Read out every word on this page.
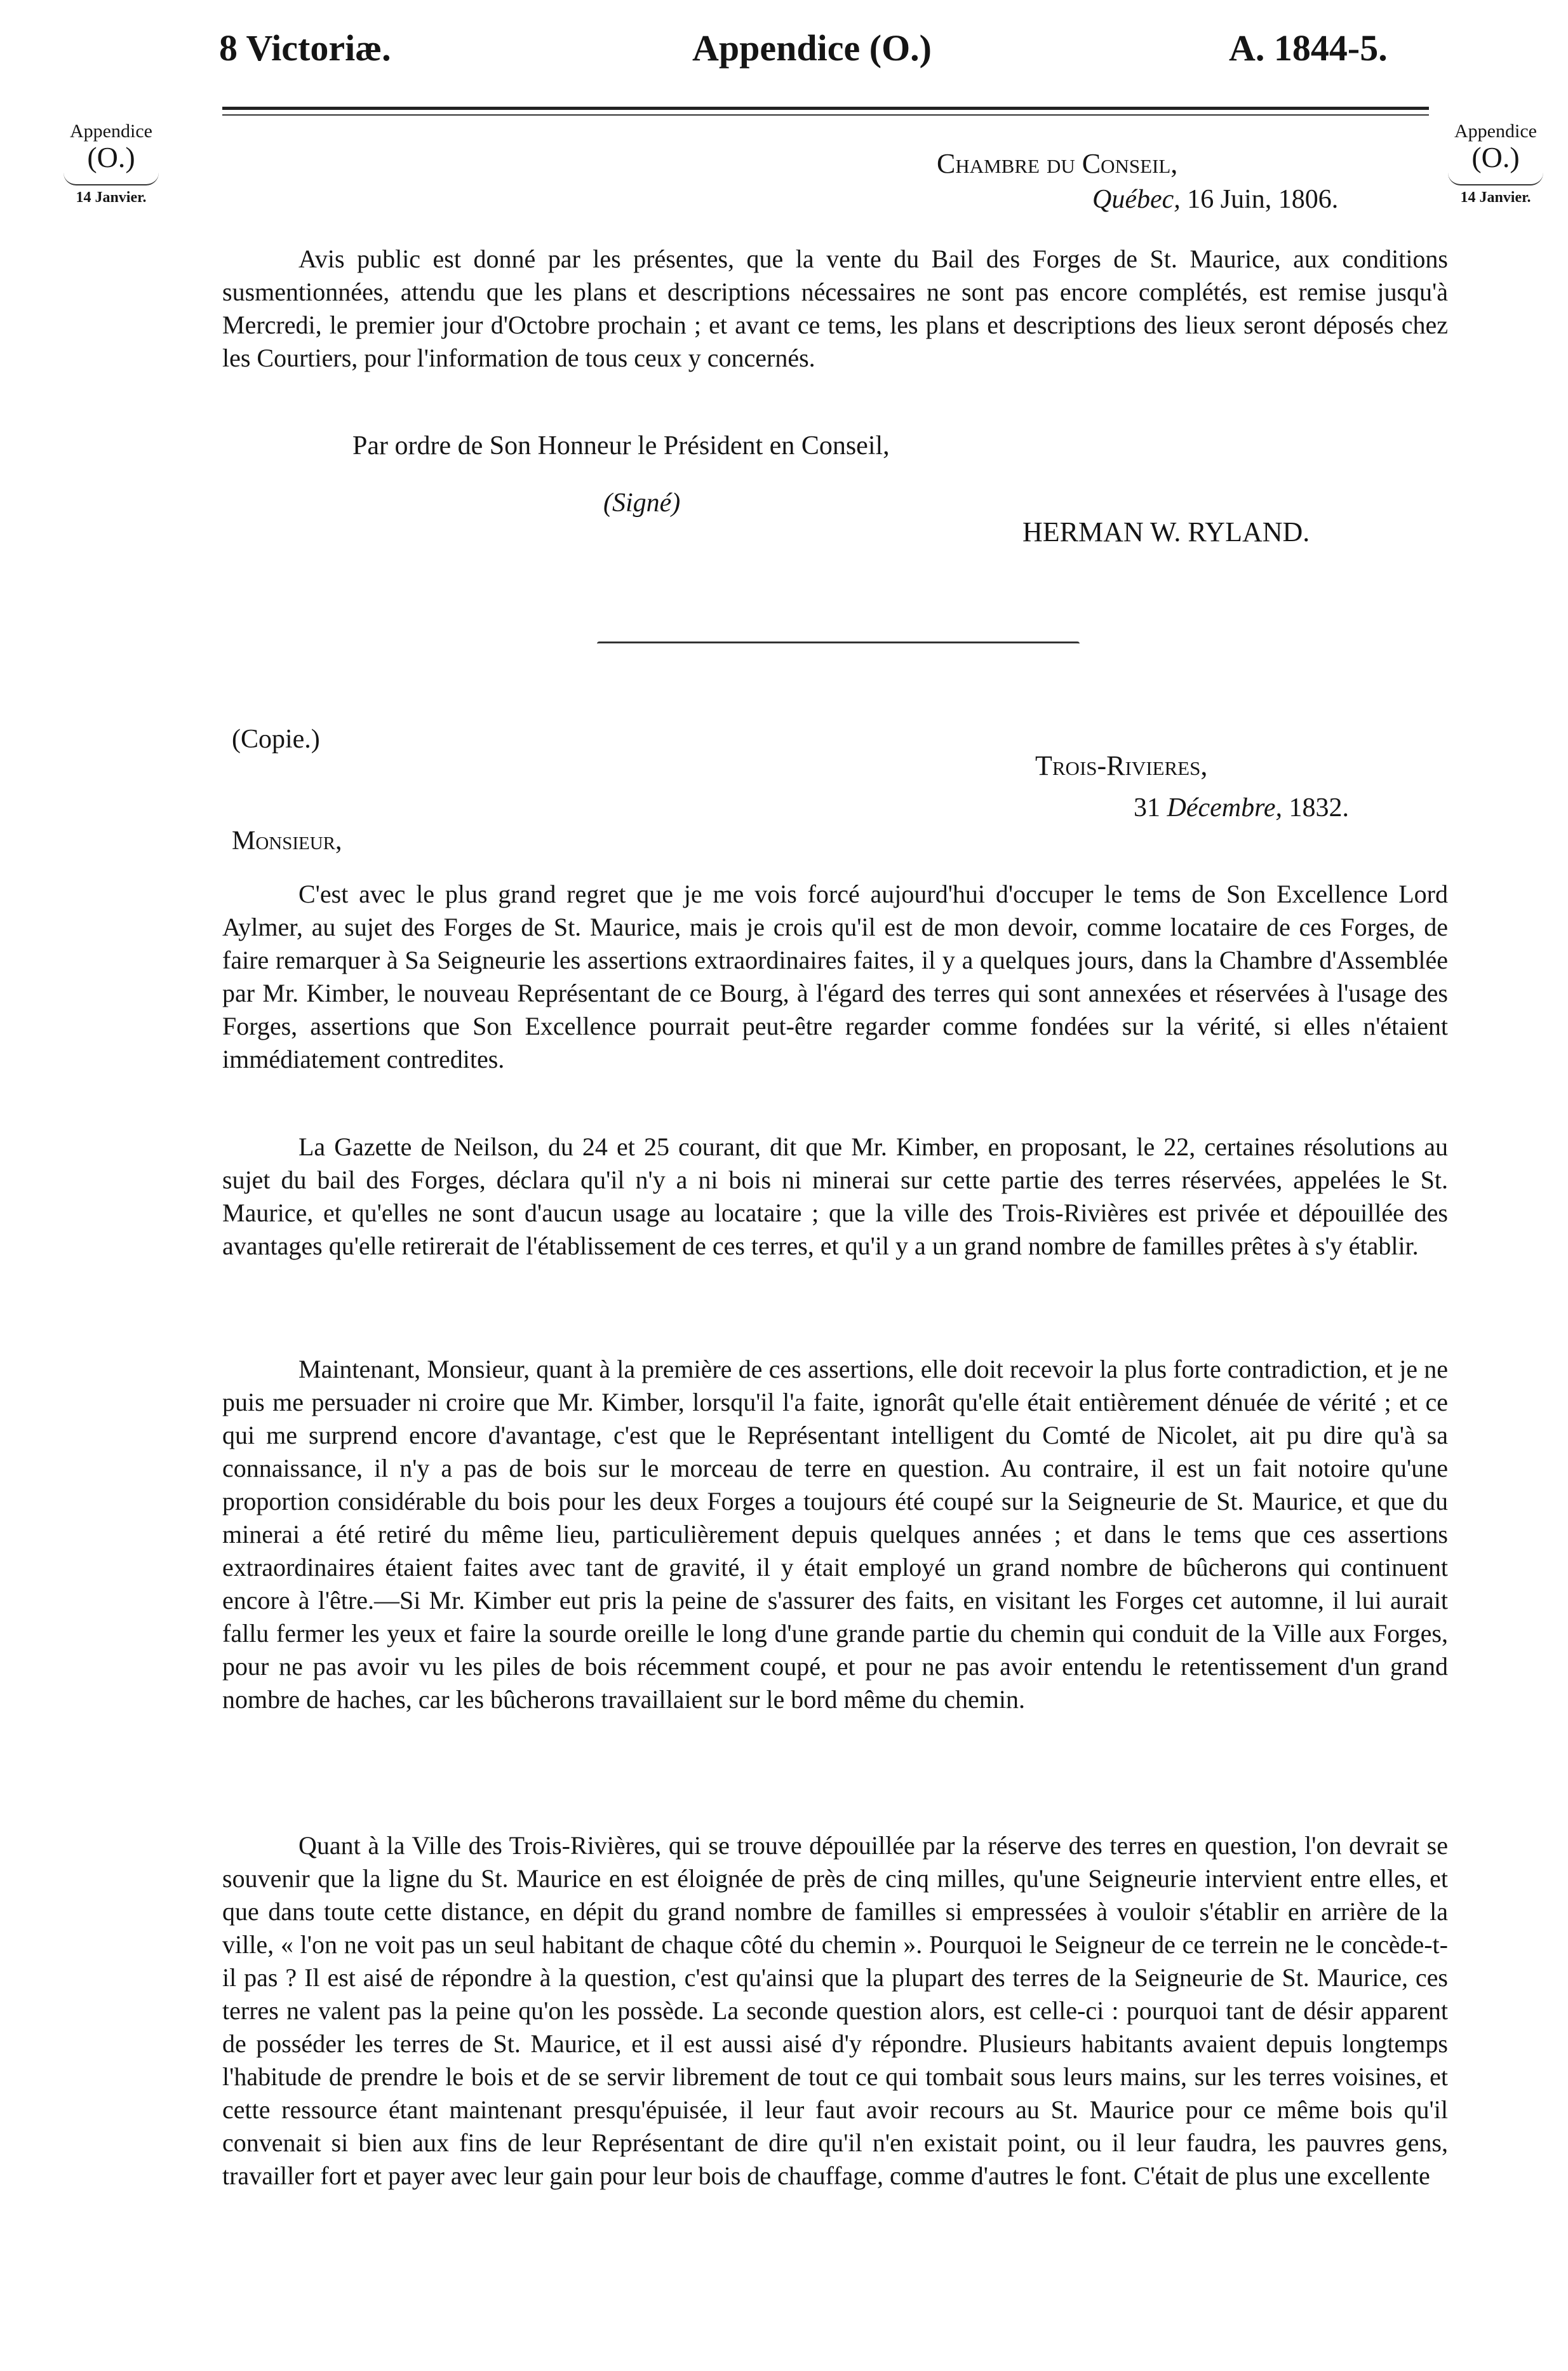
8 Victoriæ.	Appendice (O.)	A. 1844-5.
Appendice
(O.)
14 Janvier.
Appendice
(O.)
14 Janvier.
Chambre du Conseil,
Québec, 16 Juin, 1806.

Avis public est donné par les présentes, que la vente du Bail des Forges de St. Maurice, aux conditions susmentionnées, attendu que les plans et descriptions nécessaires ne sont pas encore complétés, est remise jusqu'à Mercredi, le premier jour d'Octobre prochain ; et avant ce tems, les plans et descriptions des lieux seront déposés chez les Courtiers, pour l'information de tous ceux y concernés.

Par ordre de Son Honneur le Président en Conseil,
(Signé)
HERMAN W. RYLAND.
(Copie.)
Trois-Rivieres,
31 Décembre, 1832.
Monsieur,

C'est avec le plus grand regret que je me vois forcé aujourd'hui d'occuper le tems de Son Excellence Lord Aylmer, au sujet des Forges de St. Maurice, mais je crois qu'il est de mon devoir, comme locataire de ces Forges, de faire remarquer à Sa Seigneurie les assertions extraordinaires faites, il y a quelques jours, dans la Chambre d'Assemblée par Mr. Kimber, le nouveau Représentant de ce Bourg, à l'égard des terres qui sont annexées et réservées à l'usage des Forges, assertions que Son Excellence pourrait peut-être regarder comme fondées sur la vérité, si elles n'étaient immédiatement contredites.

La Gazette de Neilson, du 24 et 25 courant, dit que Mr. Kimber, en proposant, le 22, certaines résolutions au sujet du bail des Forges, déclara qu'il n'y a ni bois ni minerai sur cette partie des terres réservées, appelées le St. Maurice, et qu'elles ne sont d'aucun usage au locataire ; que la ville des Trois-Rivières est privée et dépouillée des avantages qu'elle retirerait de l'établissement de ces terres, et qu'il y a un grand nombre de familles prêtes à s'y établir.

Maintenant, Monsieur, quant à la première de ces assertions, elle doit recevoir la plus forte contradiction, et je ne puis me persuader ni croire que Mr. Kimber, lorsqu'il l'a faite, ignorât qu'elle était entièrement dénuée de vérité ; et ce qui me surprend encore d'avantage, c'est que le Représentant intelligent du Comté de Nicolet, ait pu dire qu'à sa connaissance, il n'y a pas de bois sur le morceau de terre en question. Au contraire, il est un fait notoire qu'une proportion considérable du bois pour les deux Forges a toujours été coupé sur la Seigneurie de St. Maurice, et que du minerai a été retiré du même lieu, particulièrement depuis quelques années ; et dans le tems que ces assertions extraordinaires étaient faites avec tant de gravité, il y était employé un grand nombre de bûcherons qui continuent encore à l'être.—Si Mr. Kimber eut pris la peine de s'assurer des faits, en visitant les Forges cet automne, il lui aurait fallu fermer les yeux et faire la sourde oreille le long d'une grande partie du chemin qui conduit de la Ville aux Forges, pour ne pas avoir vu les piles de bois récemment coupé, et pour ne pas avoir entendu le retentissement d'un grand nombre de haches, car les bûcherons travaillaient sur le bord même du chemin.

Quant à la Ville des Trois-Rivières, qui se trouve dépouillée par la réserve des terres en question, l'on devrait se souvenir que la ligne du St. Maurice en est éloignée de près de cinq milles, qu'une Seigneurie intervient entre elles, et que dans toute cette distance, en dépit du grand nombre de familles si empressées à vouloir s'établir en arrière de la ville, « l'on ne voit pas un seul habitant de chaque côté du chemin ». Pourquoi le Seigneur de ce terrein ne le concède-t-il pas ? Il est aisé de répondre à la question, c'est qu'ainsi que la plupart des terres de la Seigneurie de St. Maurice, ces terres ne valent pas la peine qu'on les possède. La seconde question alors, est celle-ci : pourquoi tant de désir apparent de posséder les terres de St. Maurice, et il est aussi aisé d'y répondre. Plusieurs habitants avaient depuis longtemps l'habitude de prendre le bois et de se servir librement de tout ce qui tombait sous leurs mains, sur les terres voisines, et cette ressource étant maintenant presqu'épuisée, il leur faut avoir recours au St. Maurice pour ce même bois qu'il convenait si bien aux fins de leur Représentant de dire qu'il n'en existait point, ou il leur faudra, les pauvres gens, travailler fort et payer avec leur gain pour leur bois de chauffage, comme d'autres le font. C'était de plus une excellente
